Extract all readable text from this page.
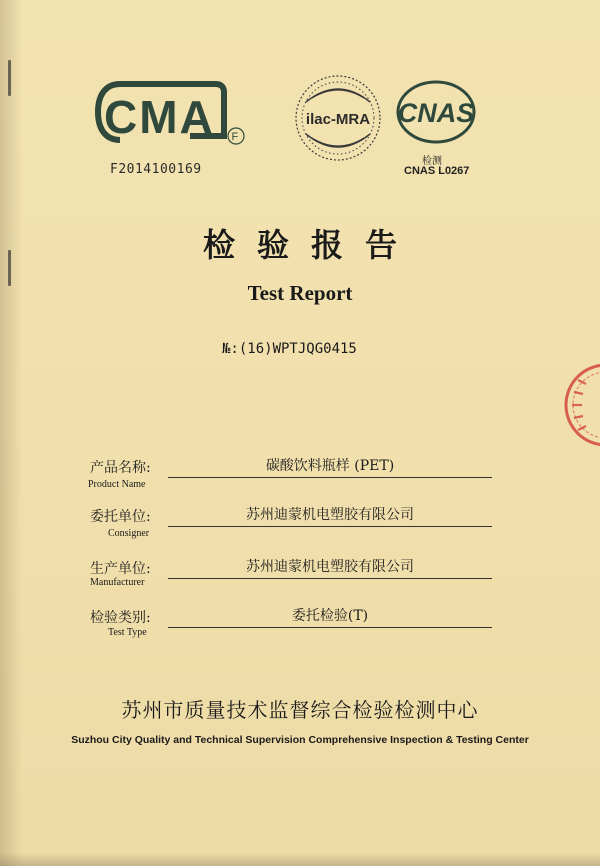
CMA F
F2014100169
ilac-MRA CNAS
检测
CNAS L0267
检验报告
Test Report
№:(16)WPTJQG0415
产品名称:
Product Name
碳酸饮料瓶样 (PET)
委托单位:
Consigner
苏州迪蒙机电塑胶有限公司
生产单位:
Manufacturer
苏州迪蒙机电塑胶有限公司
检验类别:
Test Type
委托检验(T)
苏州市质量技术监督综合检验检测中心
Suzhou City Quality and Technical Supervision Comprehensive Inspection & Testing Center
